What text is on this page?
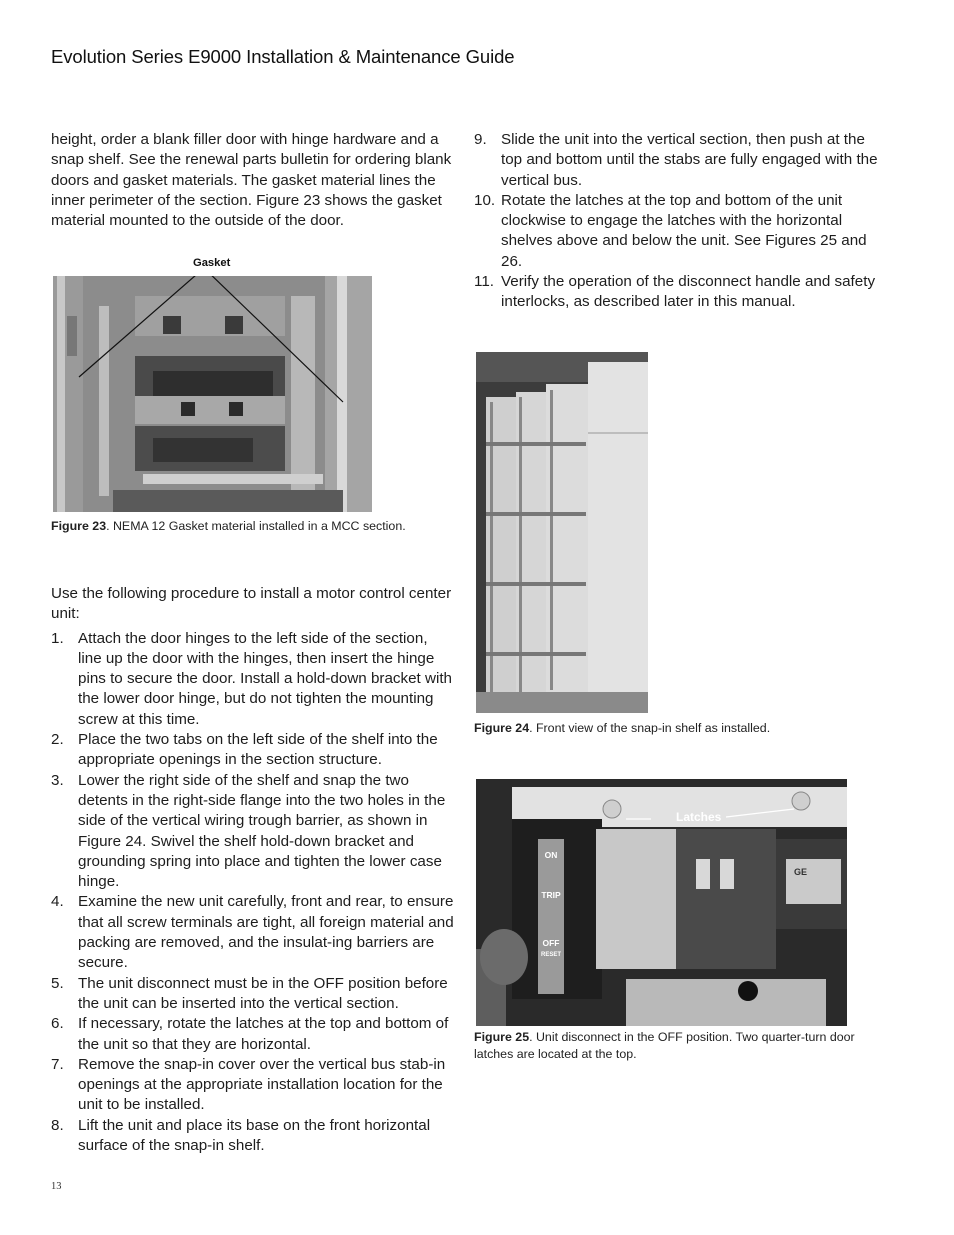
Evolution Series E9000 Installation & Maintenance Guide

height, order a blank filler door with hinge hardware and a snap shelf. See the renewal parts bulletin for ordering blank doors and gasket materials. The gasket material lines the inner perimeter of the section. Figure 23 shows the gasket material mounted to the outside of the door.

Gasket
Figure 23. NEMA 12 Gasket material installed in a MCC section.

Use the following procedure to install a motor control center unit:

1. Attach the door hinges to the left side of the section, line up the door with the hinges, then insert the hinge pins to secure the door. Install a hold-down bracket with the lower door hinge, but do not tighten the mounting screw at this time.
2. Place the two tabs on the left side of the shelf into the appropriate openings in the section structure.
3. Lower the right side of the shelf and snap the two detents in the right-side flange into the two holes in the side of the vertical wiring trough barrier, as shown in Figure 24. Swivel the shelf hold-down bracket and grounding spring into place and tighten the lower case hinge.
4. Examine the new unit carefully, front and rear, to ensure that all screw terminals are tight, all foreign material and packing are removed, and the insulat-ing barriers are secure.
5. The unit disconnect must be in the OFF position before the unit can be inserted into the vertical section.
6. If necessary, rotate the latches at the top and bottom of the unit so that they are horizontal.
7. Remove the snap-in cover over the vertical bus stab-in openings at the appropriate installation location for the unit to be installed.
8. Lift the unit and place its base on the front horizontal surface of the snap-in shelf.
9. Slide the unit into the vertical section, then push at the top and bottom until the stabs are fully engaged with the vertical bus.
10. Rotate the latches at the top and bottom of the unit clockwise to engage the latches with the horizontal shelves above and below the unit. See Figures 25 and 26.
11. Verify the operation of the disconnect handle and safety interlocks, as described later in this manual.
Figure 24. Front view of the snap-in shelf as installed.
ON
TRIP
OFF
RESET
GE
Latches
Figure 25. Unit disconnect in the OFF position. Two quarter-turn door latches are located at the top.
13
